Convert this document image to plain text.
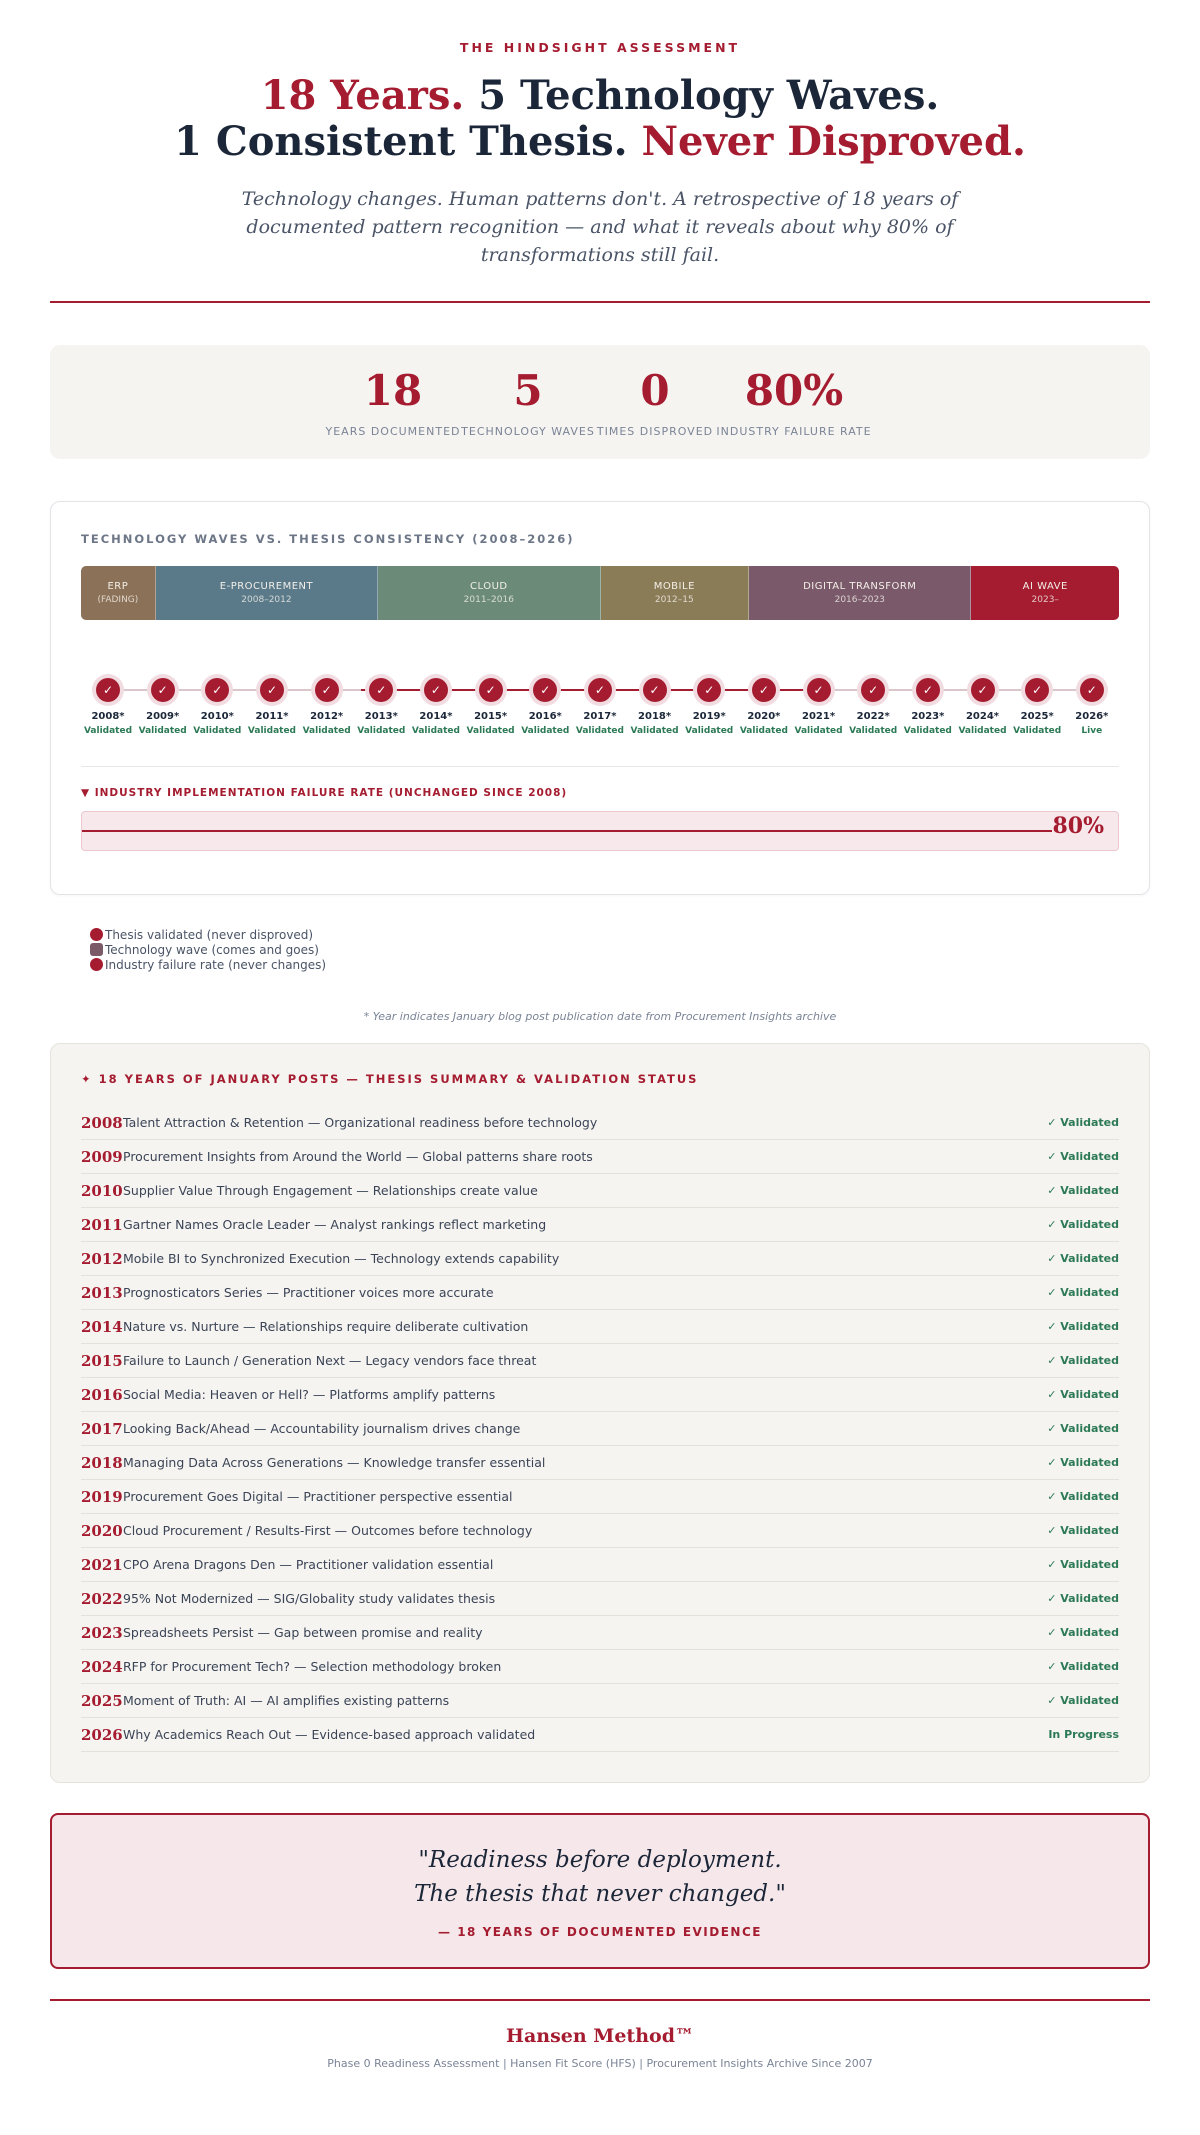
THE HINDSIGHT ASSESSMENT
18 Years. 5 Technology Waves.
1 Consistent Thesis. Never Disproved.

Technology changes. Human patterns don't. A retrospective of 18 years of documented pattern recognition — and what it reveals about why 80% of transformations still fail.

18
YEARS DOCUMENTED
5
TECHNOLOGY WAVES
0
TIMES DISPROVED
80%
INDUSTRY FAILURE RATE
TECHNOLOGY WAVES VS. THESIS CONSISTENCY (2008–2026)
ERP
(FADING)
E-PROCUREMENT
2008–2012
CLOUD
2011–2016
MOBILE
2012–15
DIGITAL TRANSFORM
2016–2023
AI WAVE
2023–
✓
2008*
Validated
✓
2009*
Validated
✓
2010*
Validated
✓
2011*
Validated
✓
2012*
Validated
✓
2013*
Validated
✓
2014*
Validated
✓
2015*
Validated
✓
2016*
Validated
✓
2017*
Validated
✓
2018*
Validated
✓
2019*
Validated
✓
2020*
Validated
✓
2021*
Validated
✓
2022*
Validated
✓
2023*
Validated
✓
2024*
Validated
✓
2025*
Validated
✓
2026*
Live
▼ INDUSTRY IMPLEMENTATION FAILURE RATE (UNCHANGED SINCE 2008)
80%
Thesis validated (never disproved)
Technology wave (comes and goes)
Industry failure rate (never changes)
* Year indicates January blog post publication date from Procurement Insights archive
✦ 18 YEARS OF JANUARY POSTS — THESIS SUMMARY & VALIDATION STATUS
2008 Talent Attraction & Retention — Organizational readiness before technology	✓ Validated
2009 Procurement Insights from Around the World — Global patterns share roots	✓ Validated
2010 Supplier Value Through Engagement — Relationships create value	✓ Validated
2011 Gartner Names Oracle Leader — Analyst rankings reflect marketing	✓ Validated
2012 Mobile BI to Synchronized Execution — Technology extends capability	✓ Validated
2013 Prognosticators Series — Practitioner voices more accurate	✓ Validated
2014 Nature vs. Nurture — Relationships require deliberate cultivation	✓ Validated
2015 Failure to Launch / Generation Next — Legacy vendors face threat	✓ Validated
2016 Social Media: Heaven or Hell? — Platforms amplify patterns	✓ Validated
2017 Looking Back/Ahead — Accountability journalism drives change	✓ Validated
2018 Managing Data Across Generations — Knowledge transfer essential	✓ Validated
2019 Procurement Goes Digital — Practitioner perspective essential	✓ Validated
2020 Cloud Procurement / Results-First — Outcomes before technology	✓ Validated
2021 CPO Arena Dragons Den — Practitioner validation essential	✓ Validated
2022 95% Not Modernized — SIG/Globality study validates thesis	✓ Validated
2023 Spreadsheets Persist — Gap between promise and reality	✓ Validated
2024 RFP for Procurement Tech? — Selection methodology broken	✓ Validated
2025 Moment of Truth: AI — AI amplifies existing patterns	✓ Validated
2026 Why Academics Reach Out — Evidence-based approach validated	In Progress
"Readiness before deployment.
The thesis that never changed."
— 18 YEARS OF DOCUMENTED EVIDENCE
Hansen Method™
Phase 0 Readiness Assessment | Hansen Fit Score (HFS) | Procurement Insights Archive Since 2007
